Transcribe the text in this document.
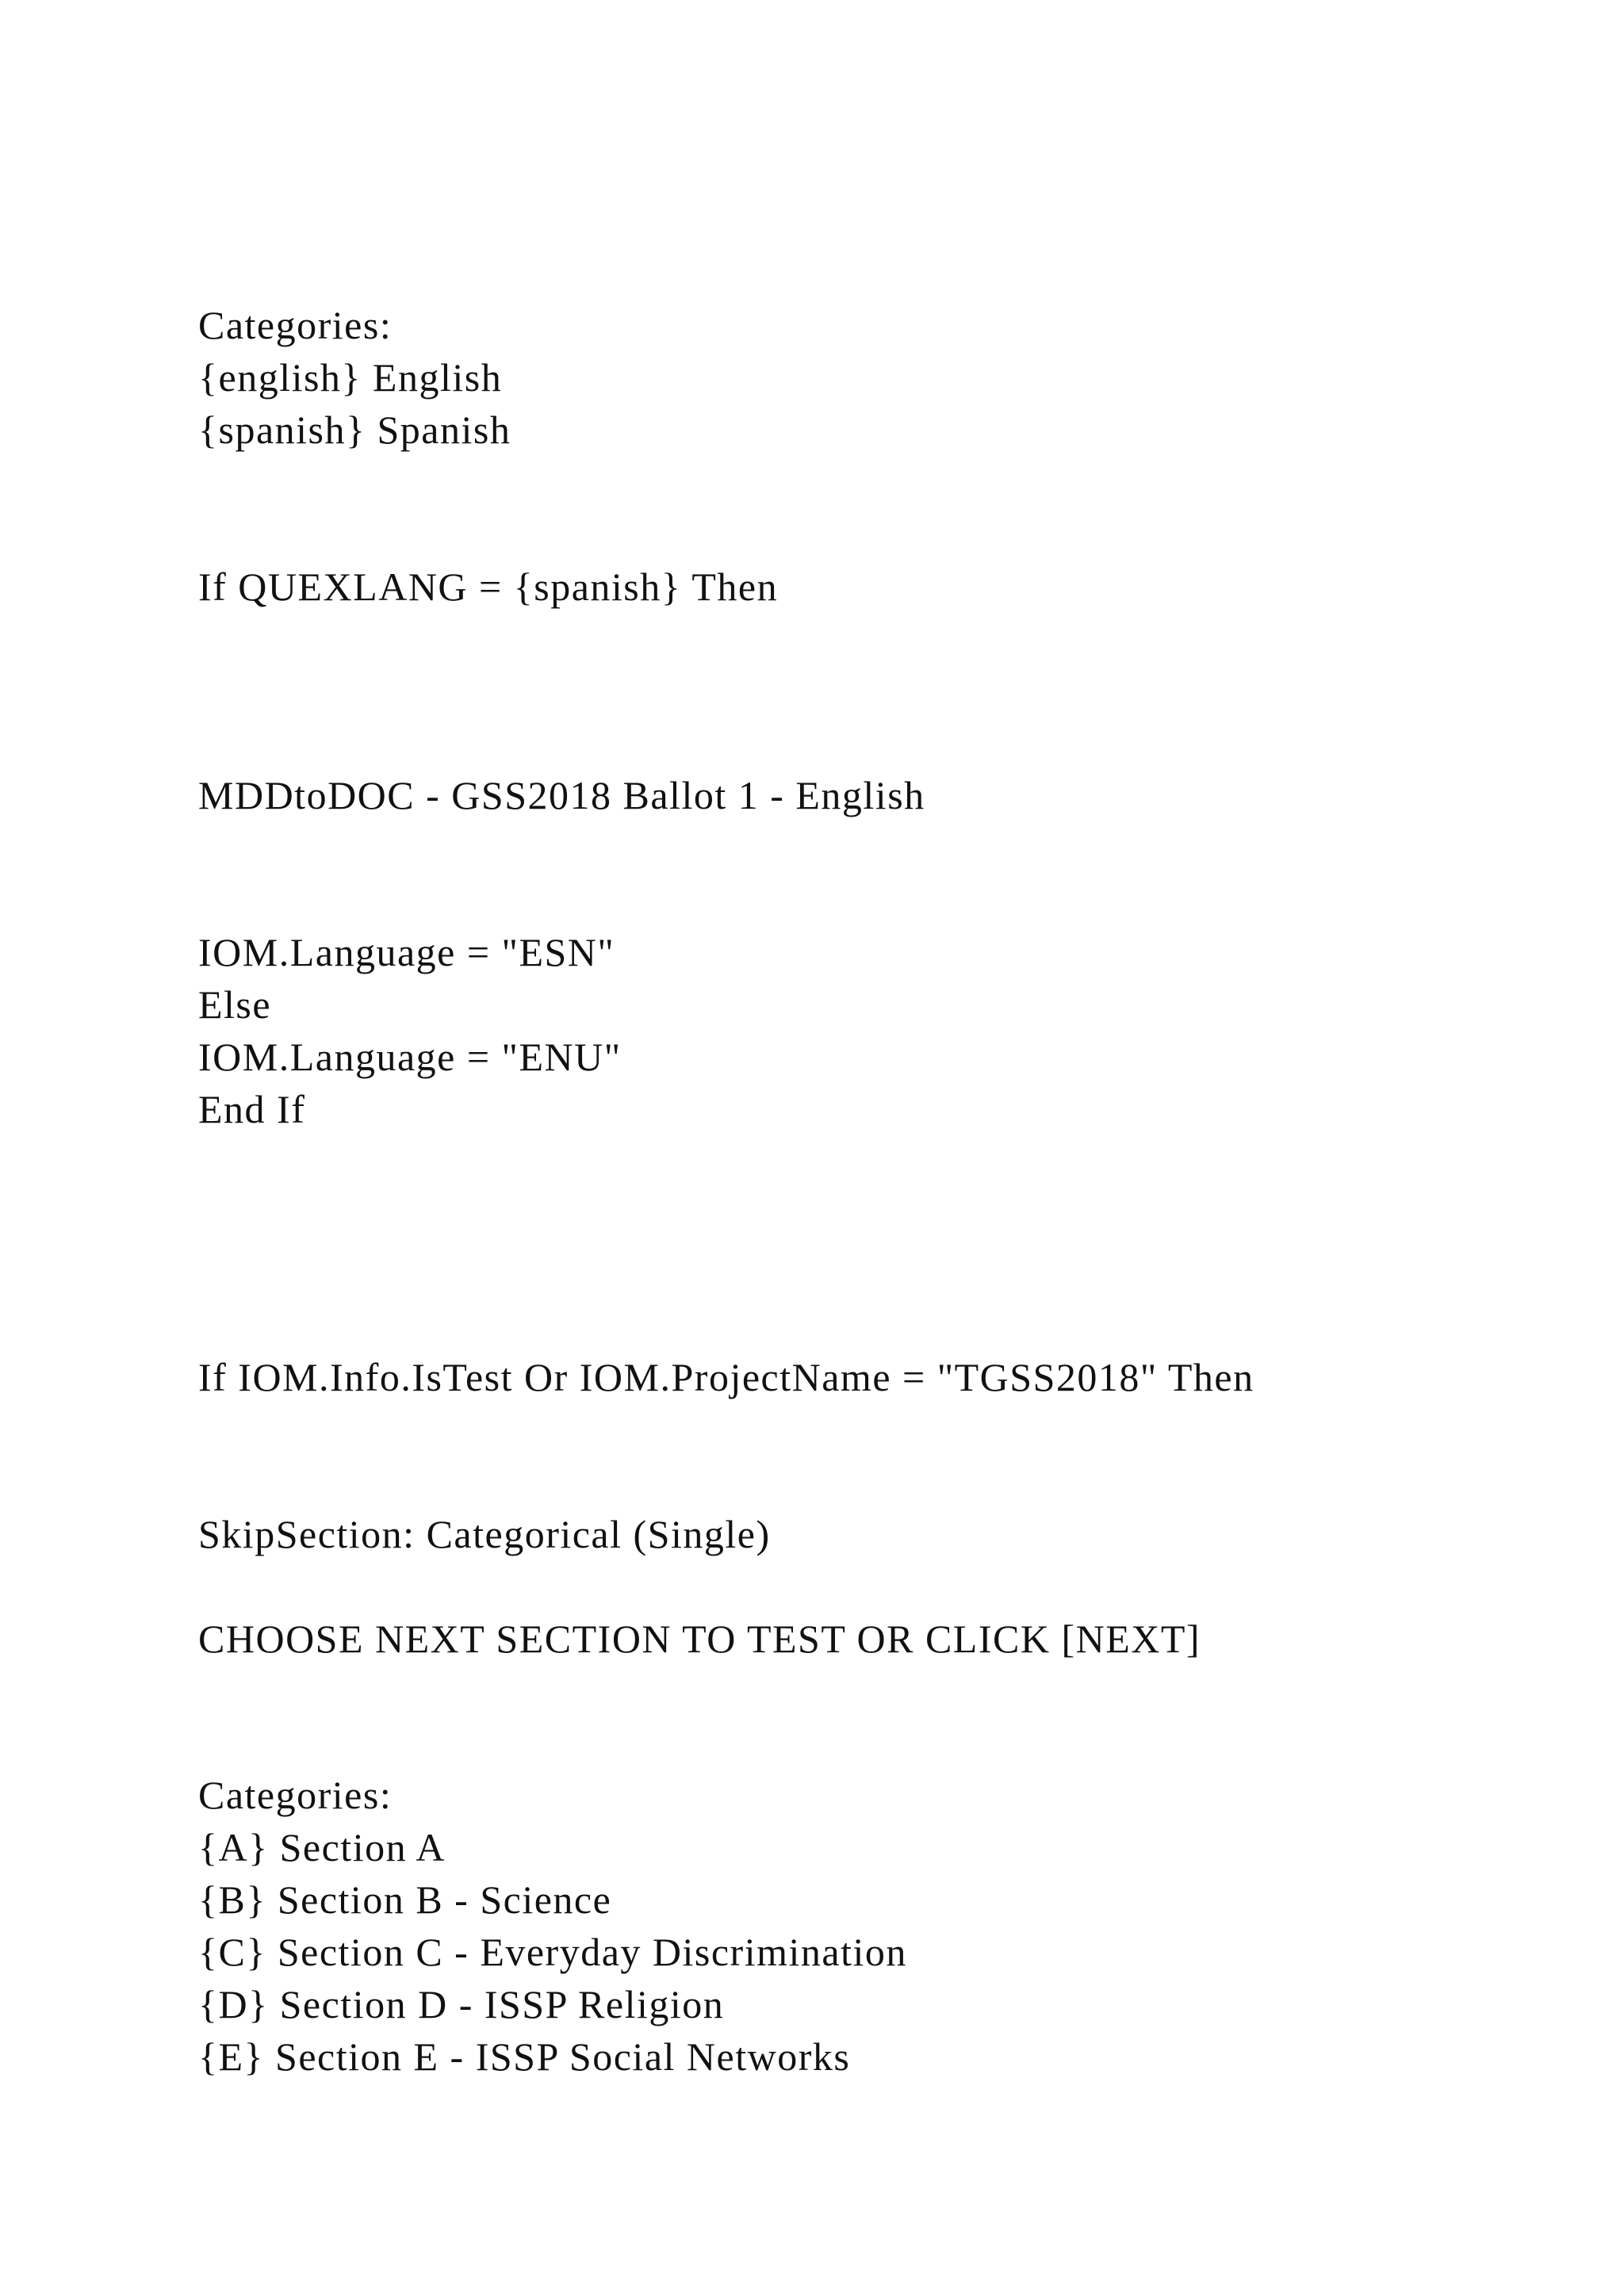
Categories:

{english} English

{spanish} Spanish

If QUEXLANG = {spanish} Then

MDDtoDOC - GSS2018 Ballot 1 - English

IOM.Language = "ESN"

Else

IOM.Language = "ENU"

End If

If IOM.Info.IsTest Or IOM.ProjectName = "TGSS2018" Then

SkipSection: Categorical (Single)

CHOOSE NEXT SECTION TO TEST OR CLICK [NEXT]

Categories:

{A} Section A

{B} Section B - Science

{C} Section C - Everyday Discrimination

{D} Section D - ISSP Religion

{E} Section E - ISSP Social Networks
